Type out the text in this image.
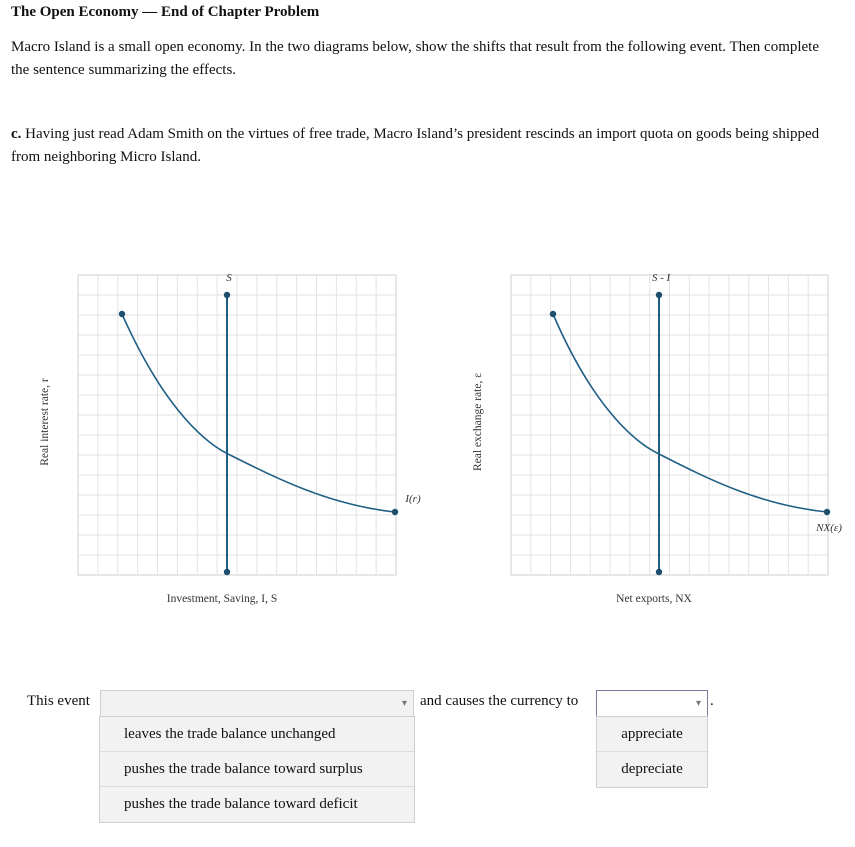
The Open Economy — End of Chapter Problem
Macro Island is a small open economy. In the two diagrams below, show the shifts that result from the following event. Then complete the sentence summarizing the effects.
c. Having just read Adam Smith on the virtues of free trade, Macro Island’s president rescinds an import quota on goods being shipped from neighboring Micro Island.
S
I(r)
Investment, Saving, I, S
Real interest rate, r
S - I
NX(ε)
Net exports, NX
Real exchange rate, ε
This event	▾ and causes the currency to	▾ .
leaves the trade balance unchanged
pushes the trade balance toward surplus
pushes the trade balance toward deficit
appreciate
depreciate
